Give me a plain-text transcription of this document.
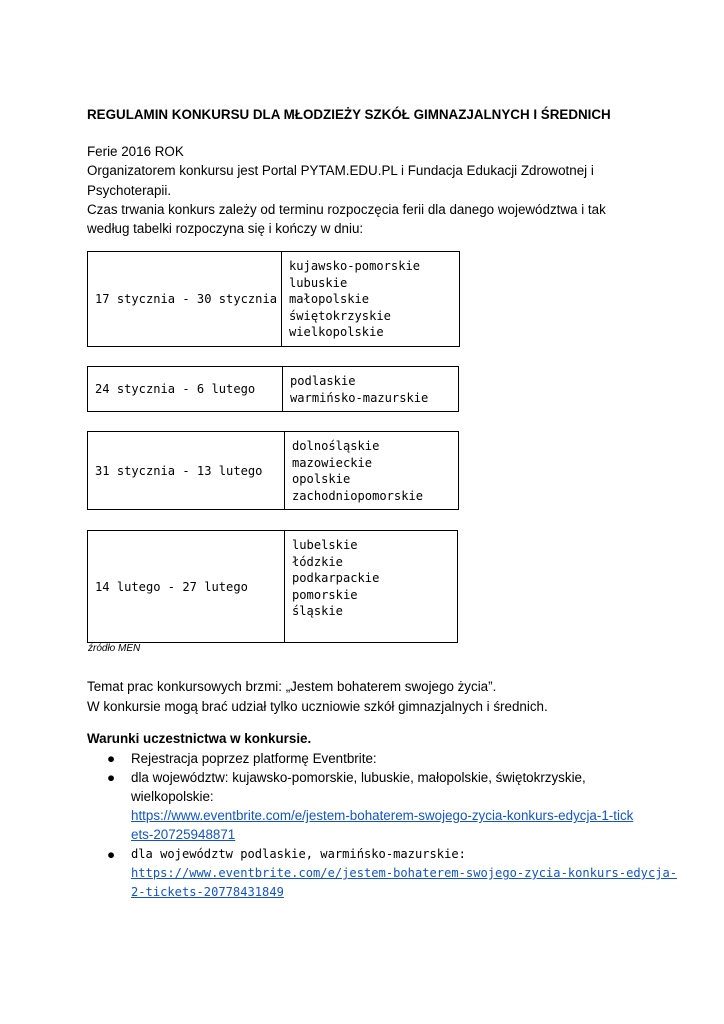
REGULAMIN KONKURSU DLA MŁODZIEŻY SZKÓŁ GIMNAZJALNYCH I ŚREDNICH
Ferie 2016 ROK
Organizatorem konkursu jest Portal PYTAM.EDU.PL i Fundacja Edukacji Zdrowotnej i
Psychoterapii.
Czas trwania konkurs zależy od terminu rozpoczęcia ferii dla danego województwa i tak
według tabelki rozpoczyna się i kończy w dniu:
17 stycznia - 30 stycznia
kujawsko-pomorskie
lubuskie
małopolskie
świętokrzyskie
wielkopolskie
24 stycznia - 6 lutego
podlaskie
warmińsko-mazurskie
31 stycznia - 13 lutego
dolnośląskie
mazowieckie
opolskie
zachodniopomorskie
14 lutego - 27 lutego
lubelskie
łódzkie
podkarpackie
pomorskie
śląskie
źródło MEN
Temat prac konkursowych brzmi: „Jestem bohaterem swojego życia”.
W konkursie mogą brać udział tylko uczniowie szkół gimnazjalnych i średnich.
Warunki uczestnictwa w konkursie.
● Rejestracja poprzez platformę Eventbrite:
● dla województw: kujawsko-pomorskie, lubuskie, małopolskie, świętokrzyskie,
wielkopolskie:
https://www.eventbrite.com/e/jestem-bohaterem-swojego-zycia-konkurs-edycja-1-tick
ets-20725948871
● dla województw podlaskie, warmińsko-mazurskie:
https://www.eventbrite.com/e/jestem-bohaterem-swojego-zycia-konkurs-edycja-
2-tickets-20778431849
